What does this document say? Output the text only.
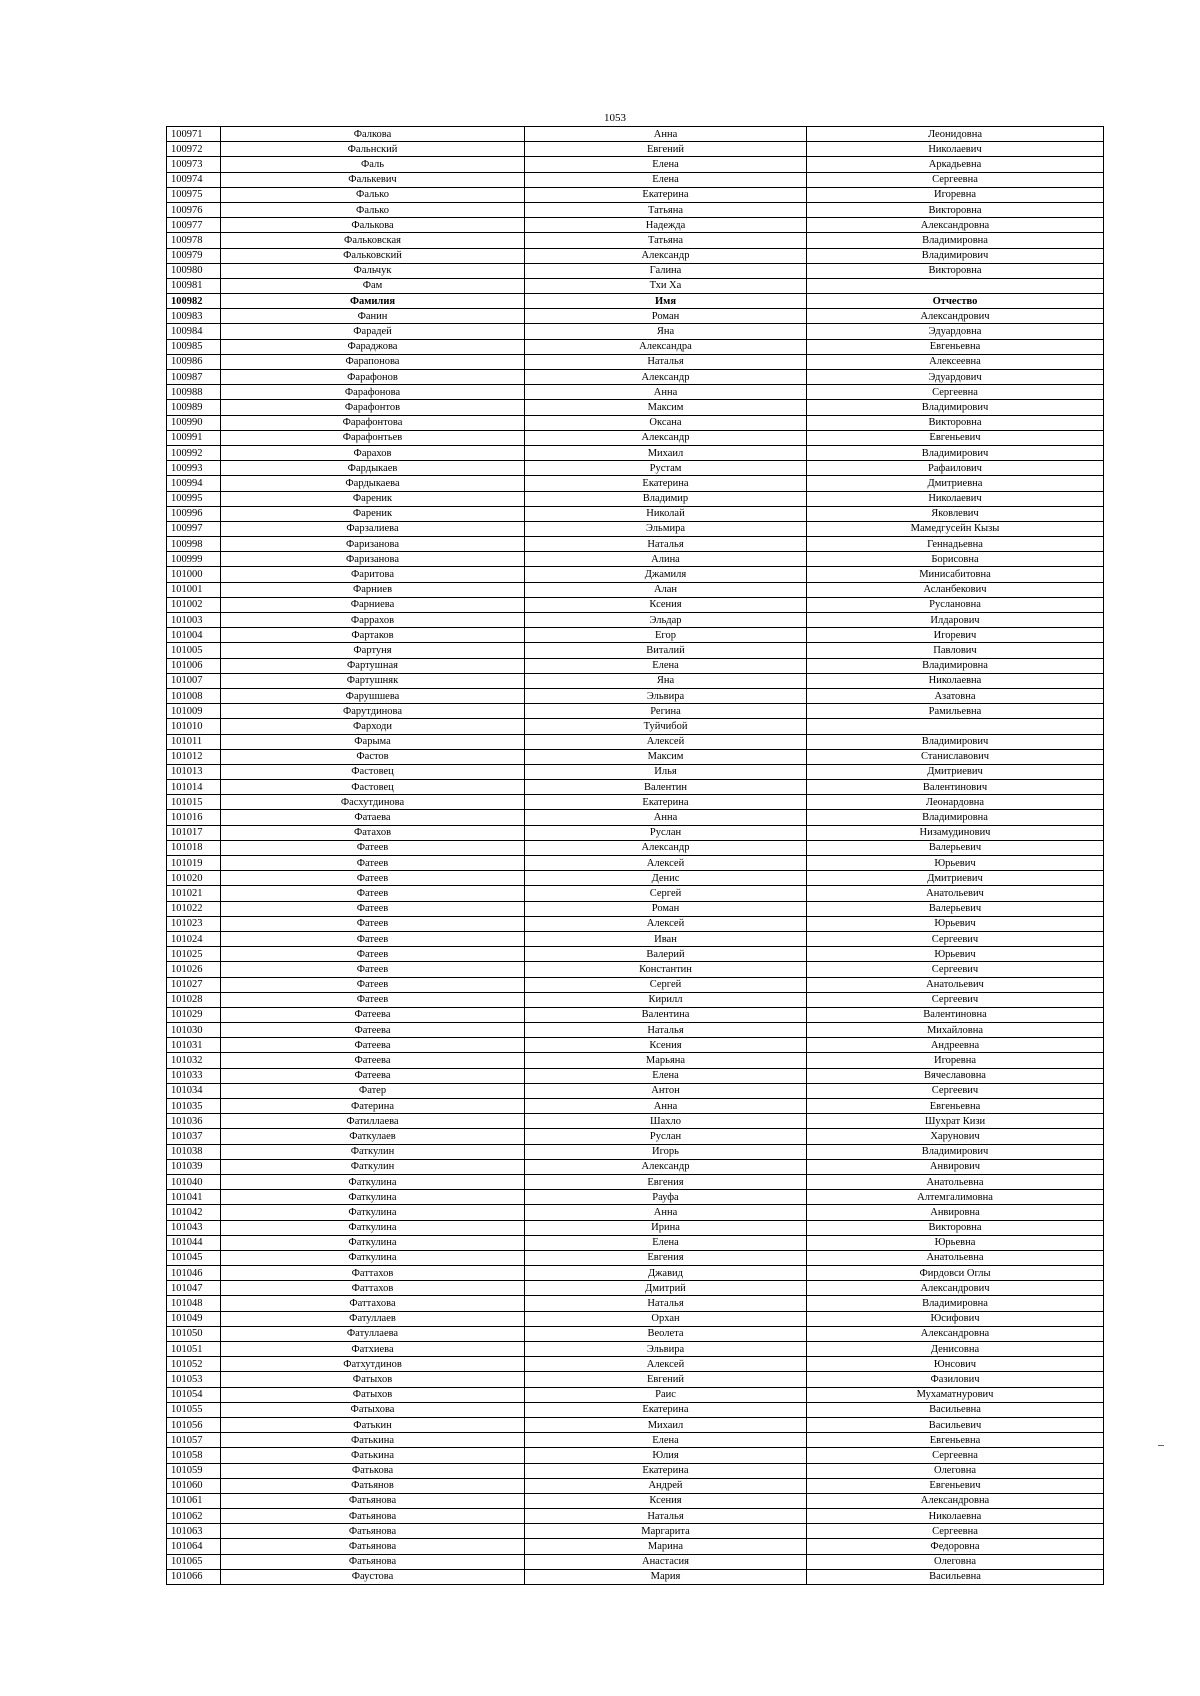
1053
100971	Фалкова	Анна	Леонидовна
100972	Фальнский	Евгений	Николаевич
100973	Фаль	Елена	Аркадьевна
100974	Фалькевич	Елена	Сергеевна
100975	Фалько	Екатерина	Игоревна
100976	Фалько	Татьяна	Викторовна
100977	Фалькова	Надежда	Александровна
100978	Фальковская	Татьяна	Владимировна
100979	Фальковский	Александр	Владимирович
100980	Фальчук	Галина	Викторовна
100981	Фам	Тхи Ха	
100982	Фамилия	Имя	Отчество
100983	Фанин	Роман	Александрович
100984	Фарадей	Яна	Эдуардовна
100985	Фараджова	Александра	Евгеньевна
100986	Фарапонова	Наталья	Алексеевна
100987	Фарафонов	Александр	Эдуардович
100988	Фарафонова	Анна	Сергеевна
100989	Фарафонтов	Максим	Владимирович
100990	Фарафонтова	Оксана	Викторовна
100991	Фарафонтьев	Александр	Евгеньевич
100992	Фарахов	Михаил	Владимирович
100993	Фардыкаев	Рустам	Рафаилович
100994	Фардыкаева	Екатерина	Дмитриевна
100995	Фареник	Владимир	Николаевич
100996	Фареник	Николай	Яковлевич
100997	Фарзалиева	Эльмира	Мамедгусейн Кызы
100998	Фаризанова	Наталья	Геннадьевна
100999	Фаризанова	Алина	Борисовна
101000	Фаритова	Джамиля	Минисабитовна
101001	Фарниев	Алан	Асланбекович
101002	Фарниева	Ксения	Руслановна
101003	Фаррахов	Эльдар	Илдарович
101004	Фартаков	Егор	Игоревич
101005	Фартуня	Виталий	Павлович
101006	Фартушная	Елена	Владимировна
101007	Фартушняк	Яна	Николаевна
101008	Фарушшева	Эльвира	Азатовна
101009	Фарутдинова	Регина	Рамильевна
101010	Фарходи	Туйчибой	
101011	Фарыма	Алексей	Владимирович
101012	Фастов	Максим	Станиславович
101013	Фастовец	Илья	Дмитриевич
101014	Фастовец	Валентин	Валентинович
101015	Фасхутдинова	Екатерина	Леонардовна
101016	Фатаева	Анна	Владимировна
101017	Фатахов	Руслан	Низамудинович
101018	Фатеев	Александр	Валерьевич
101019	Фатеев	Алексей	Юрьевич
101020	Фатеев	Денис	Дмитриевич
101021	Фатеев	Сергей	Анатольевич
101022	Фатеев	Роман	Валерьевич
101023	Фатеев	Алексей	Юрьевич
101024	Фатеев	Иван	Сергеевич
101025	Фатеев	Валерий	Юрьевич
101026	Фатеев	Константин	Сергеевич
101027	Фатеев	Сергей	Анатольевич
101028	Фатеев	Кирилл	Сергеевич
101029	Фатеева	Валентина	Валентиновна
101030	Фатеева	Наталья	Михайловна
101031	Фатеева	Ксения	Андреевна
101032	Фатеева	Марьяна	Игоревна
101033	Фатеева	Елена	Вячеславовна
101034	Фатер	Антон	Сергеевич
101035	Фатерина	Анна	Евгеньевна
101036	Фатиллаева	Шахло	Шухрат Кизи
101037	Фаткулаев	Руслан	Харунович
101038	Фаткулин	Игорь	Владимирович
101039	Фаткулин	Александр	Анвирович
101040	Фаткулина	Евгения	Анатольевна
101041	Фаткулина	Рауфа	Алтемгалимовна
101042	Фаткулина	Анна	Анвировна
101043	Фаткулина	Ирина	Викторовна
101044	Фаткулина	Елена	Юрьевна
101045	Фаткулина	Евгения	Анатольевна
101046	Фаттахов	Джавид	Фирдовси Оглы
101047	Фаттахов	Дмитрий	Александрович
101048	Фаттахова	Наталья	Владимировна
101049	Фатуллаев	Орхан	Юсифович
101050	Фатуллаева	Веолета	Александровна
101051	Фатхиева	Эльвира	Денисовна
101052	Фатхутдинов	Алексей	Юнсович
101053	Фатыхов	Евгений	Фазилович
101054	Фатыхов	Раис	Мухаматнурович
101055	Фатыхова	Екатерина	Васильевна
101056	Фатькин	Михаил	Васильевич
101057	Фатькина	Елена	Евгеньевна
101058	Фатькина	Юлия	Сергеевна
101059	Фатькова	Екатерина	Олеговна
101060	Фатьянов	Андрей	Евгеньевич
101061	Фатьянова	Ксения	Александровна
101062	Фатьянова	Наталья	Николаевна
101063	Фатьянова	Маргарита	Сергеевна
101064	Фатьянова	Марина	Федоровна
101065	Фатьянова	Анастасия	Олеговна
101066	Фаустова	Мария	Васильевна
